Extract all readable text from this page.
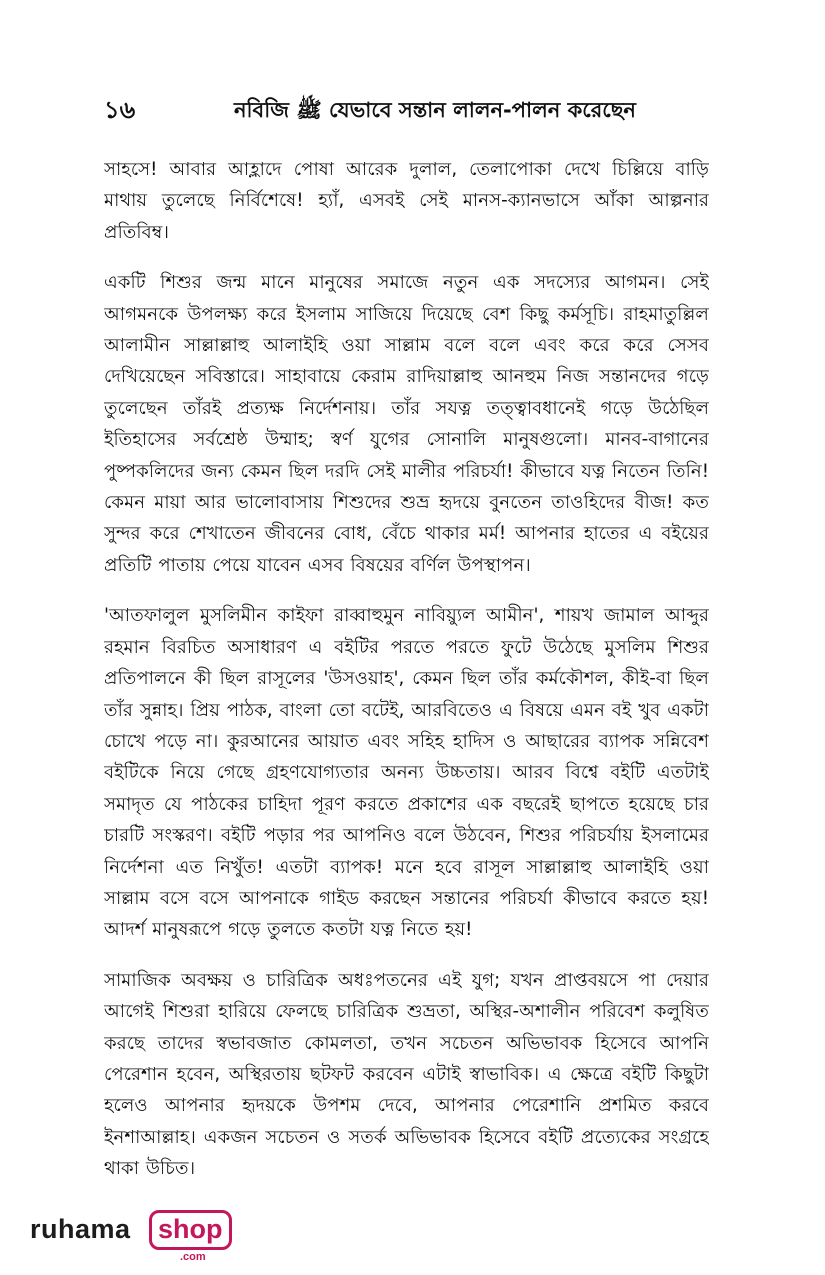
১৬	নবিজি ﷺ যেভাবে সন্তান লালন-পালন করেছেন

সাহসে! আবার আহ্লাদে পোষা আরেক দুলাল, তেলাপোকা দেখে চিল্লিয়ে বাড়ি মাথায় তুলেছে নির্বিশেষে! হ্যাঁ, এসবই সেই মানস-ক্যানভাসে আঁকা আল্পনার প্রতিবিম্ব।

একটি শিশুর জন্ম মানে মানুষের সমাজে নতুন এক সদস্যের আগমন। সেই আগমনকে উপলক্ষ্য করে ইসলাম সাজিয়ে দিয়েছে বেশ কিছু কর্মসূচি। রাহমাতুল্লিল আলামীন সাল্লাল্লাহু আলাইহি ওয়া সাল্লাম বলে বলে এবং করে করে সেসব দেখিয়েছেন সবিস্তারে। সাহাবায়ে কেরাম রাদিয়াল্লাহু আনহুম নিজ সন্তানদের গড়ে তুলেছেন তাঁরই প্রত্যক্ষ নির্দেশনায়। তাঁর সযত্ন তত্ত্বাবধানেই গড়ে উঠেছিল ইতিহাসের সর্বশ্রেষ্ঠ উম্মাহ; স্বর্ণ যুগের সোনালি মানুষগুলো। মানব-বাগানের পুষ্পকলিদের জন্য কেমন ছিল দরদি সেই মালীর পরিচর্যা! কীভাবে যত্ন নিতেন তিনি! কেমন মায়া আর ভালোবাসায় শিশুদের শুভ্র হৃদয়ে বুনতেন তাওহিদের বীজ! কত সুন্দর করে শেখাতেন জীবনের বোধ, বেঁচে থাকার মর্ম! আপনার হাতের এ বইয়ের প্রতিটি পাতায় পেয়ে যাবেন এসব বিষয়ের বর্ণিল উপস্থাপন।

'আতফালুল মুসলিমীন কাইফা রাব্বাহুমুন নাবিয়্যুল আমীন', শায়খ জামাল আব্দুর রহমান বিরচিত অসাধারণ এ বইটির পরতে পরতে ফুটে উঠেছে মুসলিম শিশুর প্রতিপালনে কী ছিল রাসূলের 'উসওয়াহ', কেমন ছিল তাঁর কর্মকৌশল, কীই-বা ছিল তাঁর সুন্নাহ। প্রিয় পাঠক, বাংলা তো বটেই, আরবিতেও এ বিষয়ে এমন বই খুব একটা চোখে পড়ে না। কুরআনের আয়াত এবং সহিহ হাদিস ও আছারের ব্যাপক সন্নিবেশ বইটিকে নিয়ে গেছে গ্রহণযোগ্যতার অনন্য উচ্চতায়। আরব বিশ্বে বইটি এতটাই সমাদৃত যে পাঠকের চাহিদা পূরণ করতে প্রকাশের এক বছরেই ছাপতে হয়েছে চার চারটি সংস্করণ। বইটি পড়ার পর আপনিও বলে উঠবেন, শিশুর পরিচর্যায় ইসলামের নির্দেশনা এত নিখুঁত! এতটা ব্যাপক! মনে হবে রাসূল সাল্লাল্লাহু আলাইহি ওয়া সাল্লাম বসে বসে আপনাকে গাইড করছেন সন্তানের পরিচর্যা কীভাবে করতে হয়! আদর্শ মানুষরূপে গড়ে তুলতে কতটা যত্ন নিতে হয়!

সামাজিক অবক্ষয় ও চারিত্রিক অধঃপতনের এই যুগ; যখন প্রাপ্তবয়সে পা দেয়ার আগেই শিশুরা হারিয়ে ফেলছে চারিত্রিক শুভ্রতা, অস্থির-অশালীন পরিবেশ কলুষিত করছে তাদের স্বভাবজাত কোমলতা, তখন সচেতন অভিভাবক হিসেবে আপনি পেরেশান হবেন, অস্থিরতায় ছটফট করবেন এটাই স্বাভাবিক। এ ক্ষেত্রে বইটি কিছুটা হলেও আপনার হৃদয়কে উপশম দেবে, আপনার পেরেশানি প্রশমিত করবে ইনশাআল্লাহ। একজন সচেতন ও সতর্ক অভিভাবক হিসেবে বইটি প্রত্যেকের সংগ্রহে থাকা উচিত।

ruhama	shop
.com
